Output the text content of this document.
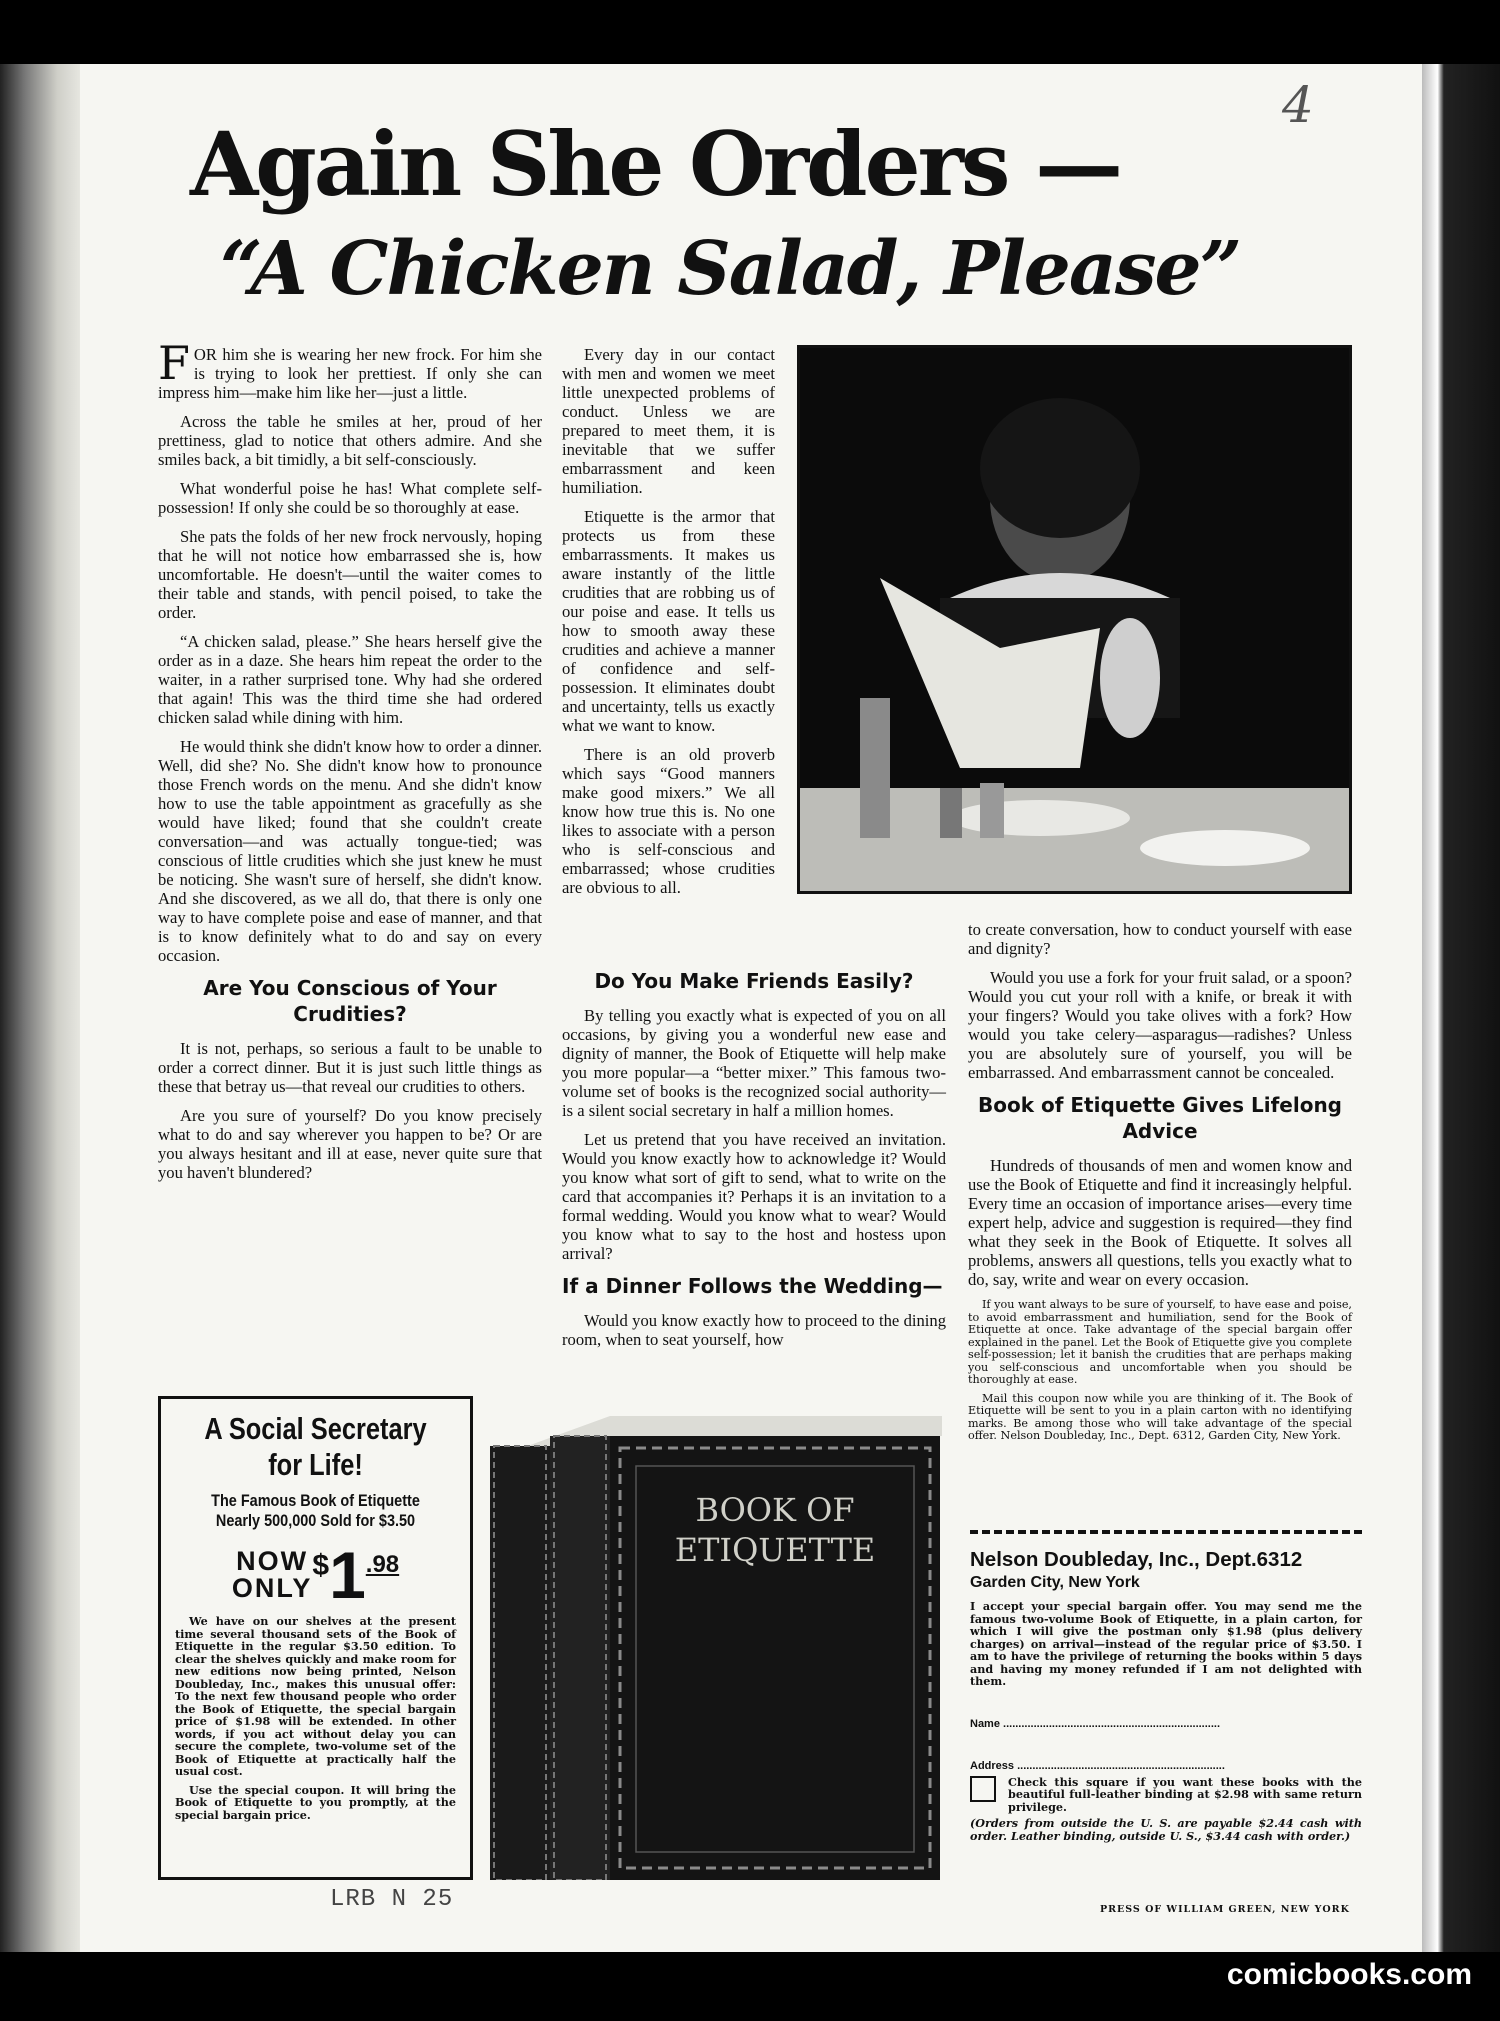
4
Again She Orders —
“A Chicken Salad, Please”

FOR him she is wearing her new frock. For him she is trying to look her prettiest. If only she can impress him—make him like her—just a little.

Across the table he smiles at her, proud of her prettiness, glad to notice that others admire. And she smiles back, a bit timidly, a bit self-consciously.

What wonderful poise he has! What complete self-possession! If only she could be so thoroughly at ease.

She pats the folds of her new frock nervously, hoping that he will not notice how embarrassed she is, how uncomfortable. He doesn't—until the waiter comes to their table and stands, with pencil poised, to take the order.

“A chicken salad, please.” She hears herself give the order as in a daze. She hears him repeat the order to the waiter, in a rather surprised tone. Why had she ordered that again! This was the third time she had ordered chicken salad while dining with him.

He would think she didn't know how to order a dinner. Well, did she? No. She didn't know how to pronounce those French words on the menu. And she didn't know how to use the table appointment as gracefully as she would have liked; found that she couldn't create conversation—and was actually tongue-tied; was conscious of little crudities which she just knew he must be noticing. She wasn't sure of herself, she didn't know. And she discovered, as we all do, that there is only one way to have complete poise and ease of manner, and that is to know definitely what to do and say on every occasion.

Are You Conscious of Your Crudities?

It is not, perhaps, so serious a fault to be unable to order a correct dinner. But it is just such little things as these that betray us—that reveal our crudities to others.

Are you sure of yourself? Do you know precisely what to do and say wherever you happen to be? Or are you always hesitant and ill at ease, never quite sure that you haven't blundered?

Every day in our contact with men and women we meet little unexpected problems of conduct. Unless we are prepared to meet them, it is inevitable that we suffer embarrassment and keen humiliation.

Etiquette is the armor that protects us from these embarrassments. It makes us aware instantly of the little crudities that are robbing us of our poise and ease. It tells us how to smooth away these crudities and achieve a manner of confidence and self-possession. It eliminates doubt and uncertainty, tells us exactly what we want to know.

There is an old proverb which says “Good manners make good mixers.” We all know how true this is. No one likes to associate with a person who is self-conscious and embarrassed; whose crudities are obvious to all.

Do You Make Friends Easily?

By telling you exactly what is expected of you on all occasions, by giving you a wonderful new ease and dignity of manner, the Book of Etiquette will help make you more popular—a “better mixer.” This famous two-volume set of books is the recognized social authority—is a silent social secretary in half a million homes.

Let us pretend that you have received an invitation. Would you know exactly how to acknowledge it? Would you know what sort of gift to send, what to write on the card that accompanies it? Perhaps it is an invitation to a formal wedding. Would you know what to wear? Would you know what to say to the host and hostess upon arrival?

If a Dinner Follows the Wedding—

Would you know exactly how to proceed to the dining room, when to seat yourself, how

to create conversation, how to conduct yourself with ease and dignity?

Would you use a fork for your fruit salad, or a spoon? Would you cut your roll with a knife, or break it with your fingers? Would you take olives with a fork? How would you take celery—asparagus—radishes? Unless you are absolutely sure of yourself, you will be embarrassed. And embarrassment cannot be concealed.

Book of Etiquette Gives Lifelong Advice

Hundreds of thousands of men and women know and use the Book of Etiquette and find it increasingly helpful. Every time an occasion of importance arises—every time expert help, advice and suggestion is required—they find what they seek in the Book of Etiquette. It solves all problems, answers all questions, tells you exactly what to do, say, write and wear on every occasion.

If you want always to be sure of yourself, to have ease and poise, to avoid embarrassment and humiliation, send for the Book of Etiquette at once. Take advantage of the special bargain offer explained in the panel. Let the Book of Etiquette give you complete self-possession; let it banish the crudities that are perhaps making you self-conscious and uncomfortable when you should be thoroughly at ease.

Mail this coupon now while you are thinking of it. The Book of Etiquette will be sent to you in a plain carton with no identifying marks. Be among those who will take advantage of the special offer. Nelson Doubleday, Inc., Dept. 6312, Garden City, New York.

A Social Secretary for Life!
The Famous Book of Etiquette Nearly 500,000 Sold for $3.50
NOW
ONLY
$ 1 .98

We have on our shelves at the present time several thousand sets of the Book of Etiquette in the regular $3.50 edition. To clear the shelves quickly and make room for new editions now being printed, Nelson Doubleday, Inc., makes this unusual offer: To the next few thousand people who order the Book of Etiquette, the special bargain price of $1.98 will be extended. In other words, if you act without delay you can secure the complete, two-volume set of the Book of Etiquette at practically half the usual cost.

Use the special coupon. It will bring the Book of Etiquette to you promptly, at the special bargain price.

BOOK OF
ETIQUETTE	Nelson Doubleday, Inc., Dept.6312
Garden City, New York
I accept your special bargain offer. You may send me the famous two-volume Book of Etiquette, in a plain carton, for which I will give the postman only $1.98 (plus delivery charges) on arrival—instead of the regular price of $3.50. I am to have the privilege of returning the books within 5 days and having my money refunded if I am not delighted with them.
Name .......................................................................
Address ....................................................................
Check this square if you want these books with the beautiful full-leather binding at $2.98 with same return privilege.
(Orders from outside the U. S. are payable $2.44 cash with order. Leather binding, outside U. S., $3.44 cash with order.)
LRB N 25	PRESS OF WILLIAM GREEN, NEW YORK
comicbooks.com
